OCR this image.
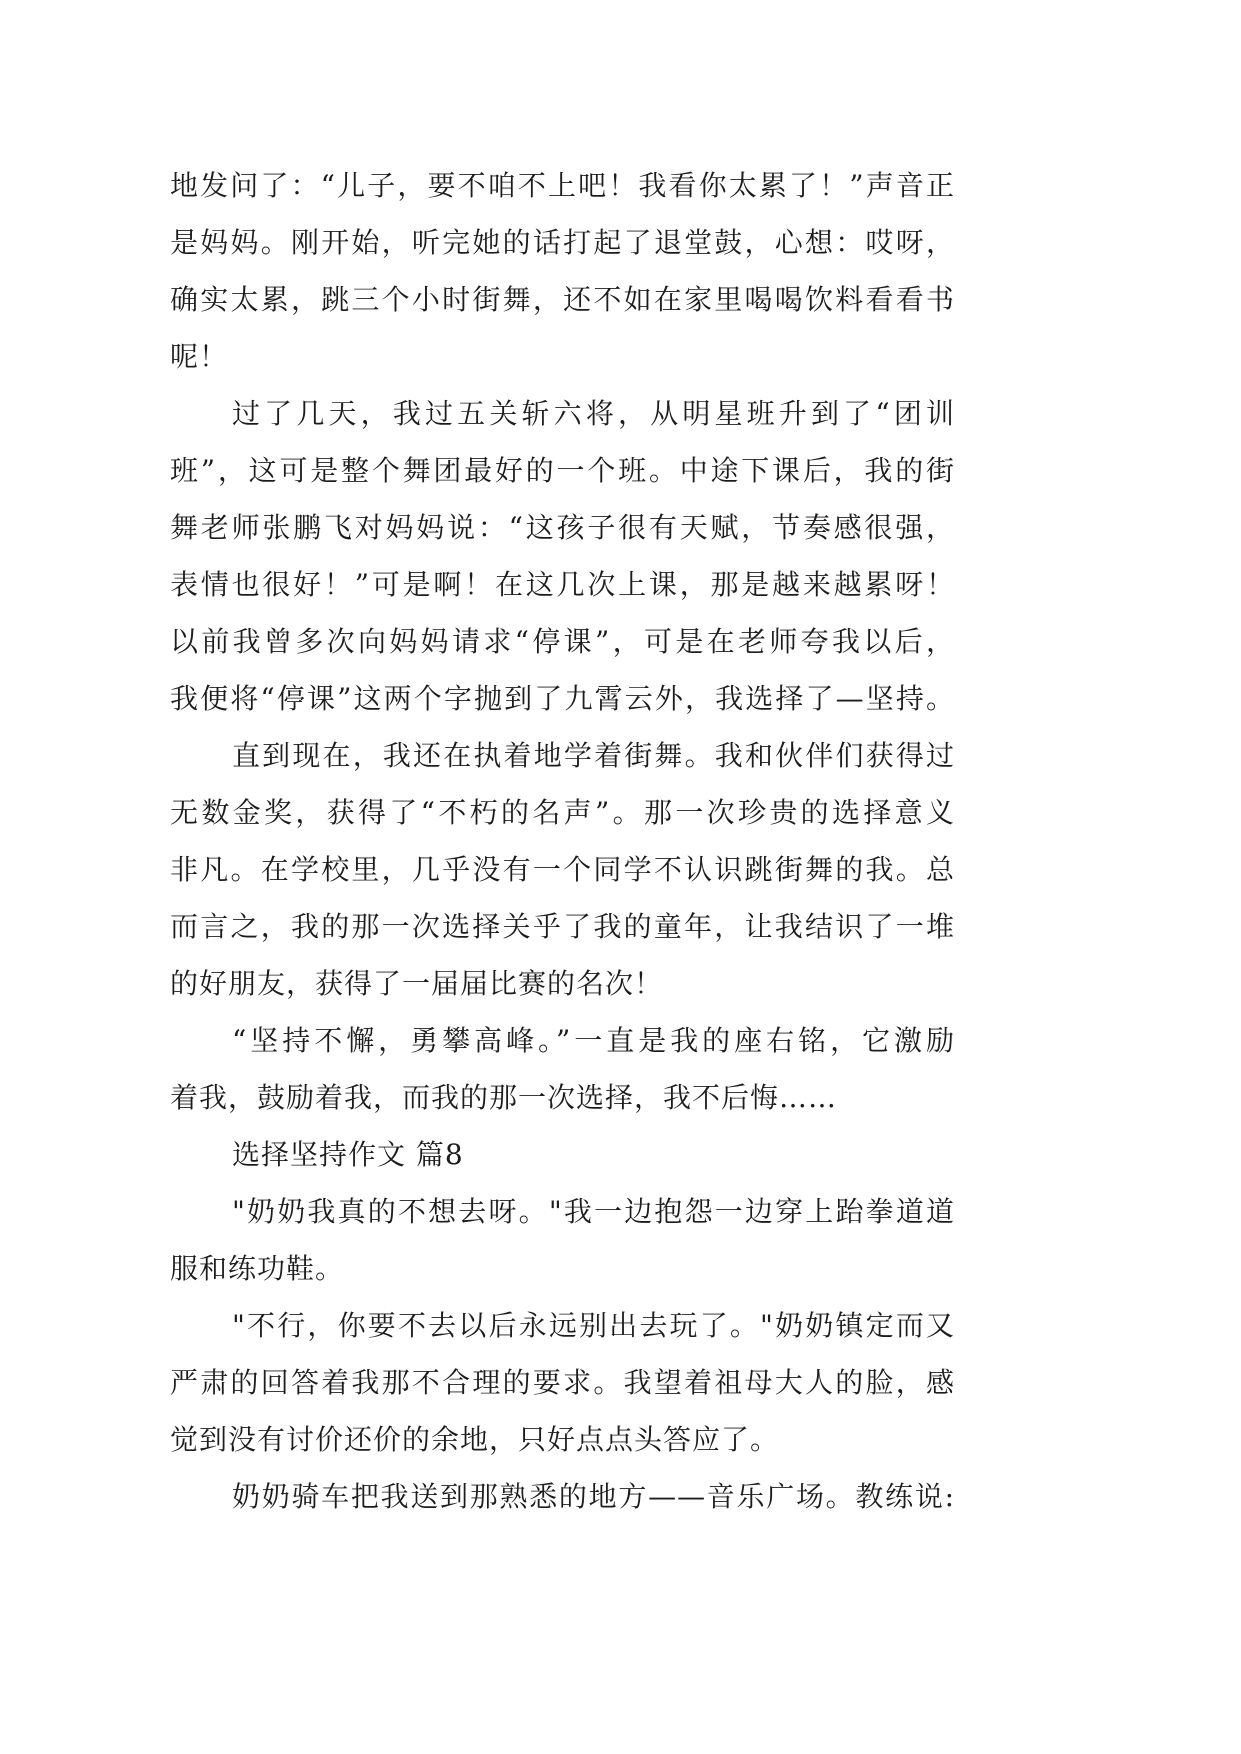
地发问了：“儿子，要不咱不上吧！我看你太累了！”声音正
是妈妈。刚开始，听完她的话打起了退堂鼓，心想：哎呀，
确实太累，跳三个小时街舞，还不如在家里喝喝饮料看看书
呢！
过了几天，我过五关斩六将，从明星班升到了“团训
班”，这可是整个舞团最好的一个班。中途下课后，我的街
舞老师张鹏飞对妈妈说：“这孩子很有天赋，节奏感很强，
表情也很好！”可是啊！在这几次上课，那是越来越累呀！
以前我曾多次向妈妈请求“停课”，可是在老师夸我以后，
我便将“停课”这两个字抛到了九霄云外，我选择了—坚持。
直到现在，我还在执着地学着街舞。我和伙伴们获得过
无数金奖，获得了“不朽的名声”。那一次珍贵的选择意义
非凡。在学校里，几乎没有一个同学不认识跳街舞的我。总
而言之，我的那一次选择关乎了我的童年，让我结识了一堆
的好朋友，获得了一届届比赛的名次！
“坚持不懈，勇攀高峰。”一直是我的座右铭，它激励
着我，鼓励着我，而我的那一次选择，我不后悔……
选择坚持作文 篇8
"奶奶我真的不想去呀。"我一边抱怨一边穿上跆拳道道
服和练功鞋。
"不行，你要不去以后永远别出去玩了。"奶奶镇定而又
严肃的回答着我那不合理的要求。我望着祖母大人的脸，感
觉到没有讨价还价的余地，只好点点头答应了。
奶奶骑车把我送到那熟悉的地方——音乐广场。教练说:
